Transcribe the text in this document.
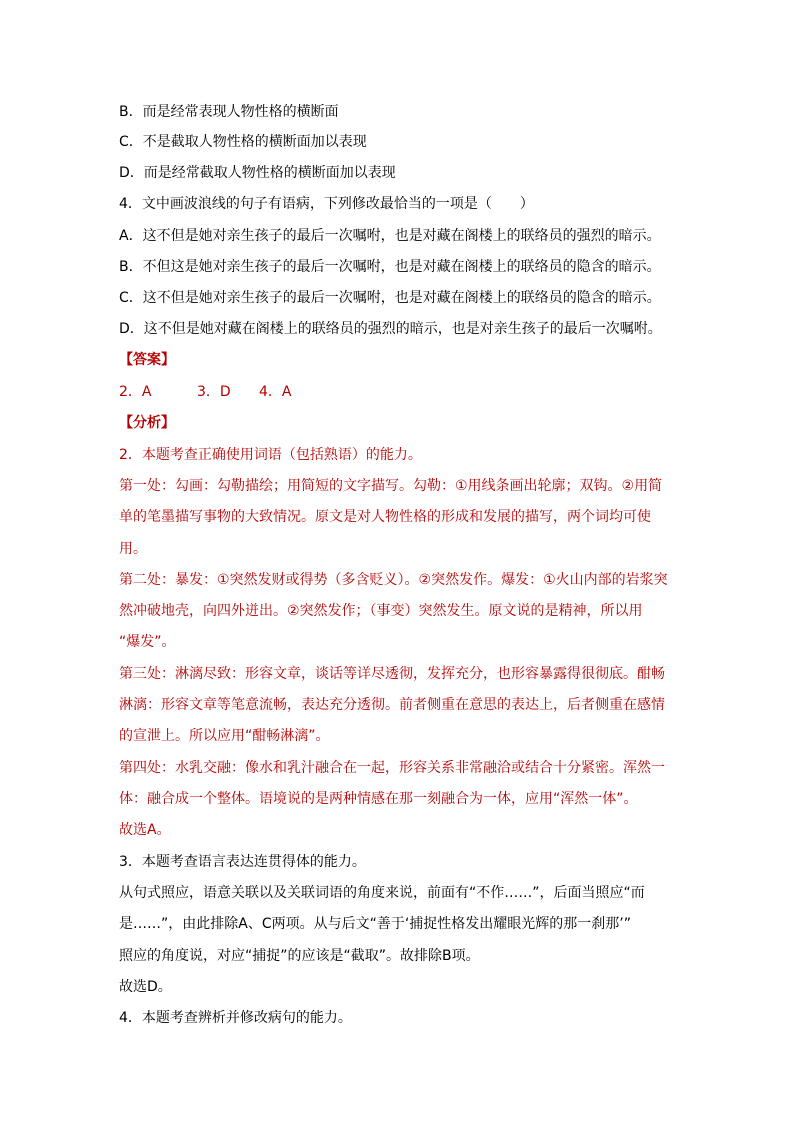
B．而是经常表现人物性格的横断面
C．不是截取人物性格的横断面加以表现
D．而是经常截取人物性格的横断面加以表现
4．文中画波浪线的句子有语病，下列修改最恰当的一项是（　　）
A．这不但是她对亲生孩子的最后一次嘱咐，也是对藏在阁楼上的联络员的强烈的暗示。
B．不但这是她对亲生孩子的最后一次嘱咐，也是对藏在阁楼上的联络员的隐含的暗示。
C．这不但是她对亲生孩子的最后一次嘱咐，也是对藏在阁楼上的联络员的隐含的暗示。
D．这不但是她对藏在阁楼上的联络员的强烈的暗示，也是对亲生孩子的最后一次嘱咐。
【答案】
2．A	3．D 4．A
【分析】
2．本题考查正确使用词语（包括熟语）的能力。
第一处：勾画：勾勒描绘；用简短的文字描写。勾勒：①用线条画出轮廓；双钩。②用简
单的笔墨描写事物的大致情况。原文是对人物性格的形成和发展的描写，两个词均可使
用。
第二处：暴发：①突然发财或得势（多含贬义）。②突然发作。爆发：①火山内部的岩浆突
然冲破地壳，向四外迸出。②突然发作；（事变）突然发生。原文说的是精神，所以用
“爆发”。
第三处：淋漓尽致：形容文章，谈话等详尽透彻，发挥充分，也形容暴露得很彻底。酣畅
淋漓：形容文章等笔意流畅，表达充分透彻。前者侧重在意思的表达上，后者侧重在感情
的宣泄上。所以应用“酣畅淋漓”。
第四处：水乳交融：像水和乳汁融合在一起，形容关系非常融洽或结合十分紧密。浑然一
体：融合成一个整体。语境说的是两种情感在那一刻融合为一体，应用“浑然一体”。
故选A。
3．本题考查语言表达连贯得体的能力。
从句式照应，语意关联以及关联词语的角度来说，前面有“不作……”，后面当照应“而
是……”，由此排除A、C两项。从与后文“善于‘捕捉性格发出耀眼光辉的那一刹那’”
照应的角度说，对应“捕捉”的应该是“截取”。故排除B项。
故选D。
4．本题考查辨析并修改病句的能力。
